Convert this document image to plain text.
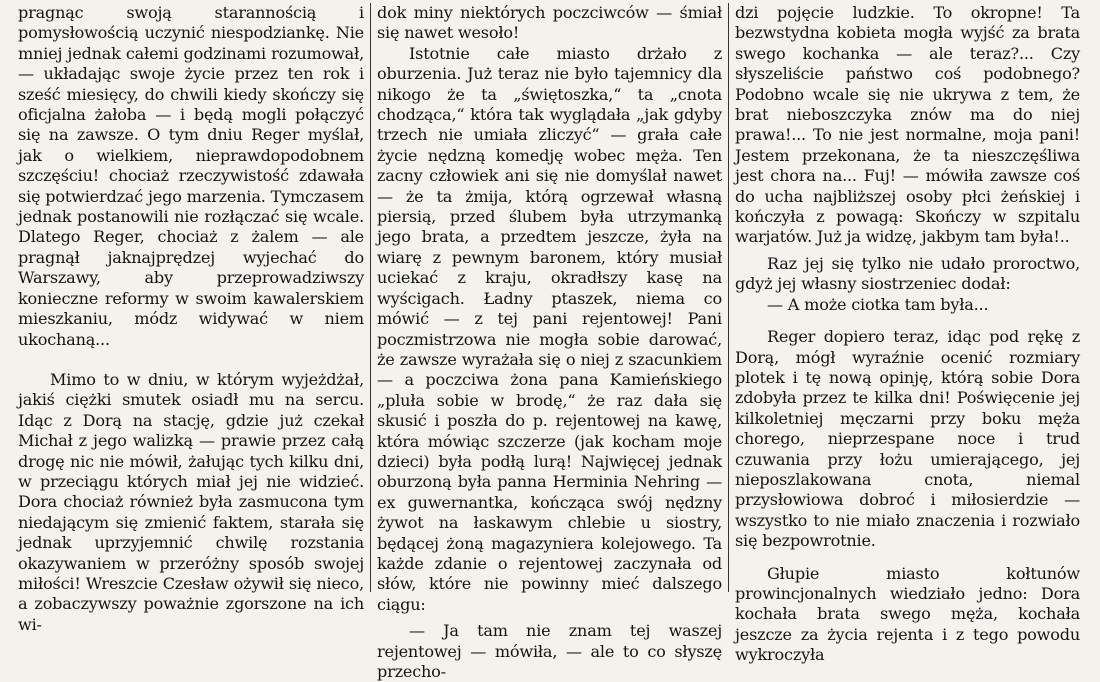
pragnąc swoją starannością i pomysłowością uczynić niespodziankę. Nie mniej jednak całemi godzinami rozumował, — układając swoje życie przez ten rok i sześć miesięcy, do chwili kiedy skończy się oficjalna żałoba — i będą mogli połączyć się na zawsze. O tym dniu Reger myślał, jak o wielkiem, nieprawdopodobnem szczęściu! chociaż rzeczywistość zdawała się potwierdzać jego marzenia. Tymczasem jednak postanowili nie rozłączać się wcale. Dlatego Reger, chociaż z żalem — ale pragnął jaknajprędzej wyjechać do Warszawy, aby przeprowadziwszy konieczne reformy w swoim kawalerskiem mieszkaniu, módz widywać w niem ukochaną...

Mimo to w dniu, w którym wyjeżdżał, jakiś ciężki smutek osiadł mu na sercu. Idąc z Dorą na stację, gdzie już czekał Michał z jego walizką — prawie przez całą drogę nic nie mówił, żałując tych kilku dni, w przeciągu których miał jej nie widzieć. Dora chociaż również była zasmucona tym niedającym się zmienić faktem, starała się jednak uprzyjemnić chwilę rozstania okazywaniem w przeróżny sposób swojej miłości! Wreszcie Czesław ożywił się nieco, a zobaczywszy poważnie zgorszone na ich wi-

dok miny niektórych poczciwców — śmiał się nawet wesoło!

Istotnie całe miasto drżało z oburzenia. Już teraz nie było tajemnicy dla nikogo że ta „świętoszka,“ ta „cnota chodząca,“ która tak wyglądała „jak gdyby trzech nie umiała zliczyć“ — grała całe życie nędzną komedję wobec męża. Ten zacny człowiek ani się nie domyślał nawet — że ta żmija, którą ogrzewał własną piersią, przed ślubem była utrzymanką jego brata, a przedtem jeszcze, żyła na wiarę z pewnym baronem, który musiał uciekać z kraju, okradłszy kasę na wyścigach. Ładny ptaszek, niema co mówić — z tej pani rejentowej! Pani poczmistrzowa nie mogła sobie darować, że zawsze wyrażała się o niej z szacunkiem — a poczciwa żona pana Kamieńskiego „pluła sobie w brodę,“ że raz dała się skusić i poszła do p. rejentowej na kawę, która mówiąc szczerze (jak kocham moje dzieci) była podłą lurą! Najwięcej jednak oburzoną była panna Herminia Nehring — ex guwernantka, kończąca swój nędzny żywot na łaskawym chlebie u siostry, będącej żoną magazyniera kolejowego. Ta każde zdanie o rejentowej zaczynała od słów, które nie powinny mieć dalszego ciągu:

— Ja tam nie znam tej waszej rejentowej — mówiła, — ale to co słyszę przecho-

dzi pojęcie ludzkie. To okropne! Ta bezwstydna kobieta mogła wyjść za brata swego kochanka — ale teraz?... Czy słyszeliście państwo coś podobnego? Podobno wcale się nie ukrywa z tem, że brat nieboszczyka znów ma do niej prawa!... To nie jest normalne, moja pani! Jestem przekonana, że ta nieszczęśliwa jest chora na... Fuj! — mówiła zawsze coś do ucha najbliższej osoby płci żeńskiej i kończyła z powagą: Skończy w szpitalu warjatów. Już ja widzę, jakbym tam była!..

Raz jej się tylko nie udało proroctwo, gdyż jej własny siostrzeniec dodał:

— A może ciotka tam była...

Reger dopiero teraz, idąc pod rękę z Dorą, mógł wyraźnie ocenić rozmiary plotek i tę nową opinję, którą sobie Dora zdobyła przez te kilka dni! Poświęcenie jej kilkoletniej męczarni przy boku męża chorego, nieprzespane noce i trud czuwania przy łożu umierającego, jej nieposzlakowana cnota, niemal przysłowiowa dobroć i miłosierdzie — wszystko to nie miało znaczenia i rozwiało się bezpowrotnie.

Głupie miasto kołtunów prowincjonalnych wiedziało jedno: Dora kochała brata swego męża, kochała jeszcze za życia rejenta i z tego powodu wykroczyła
